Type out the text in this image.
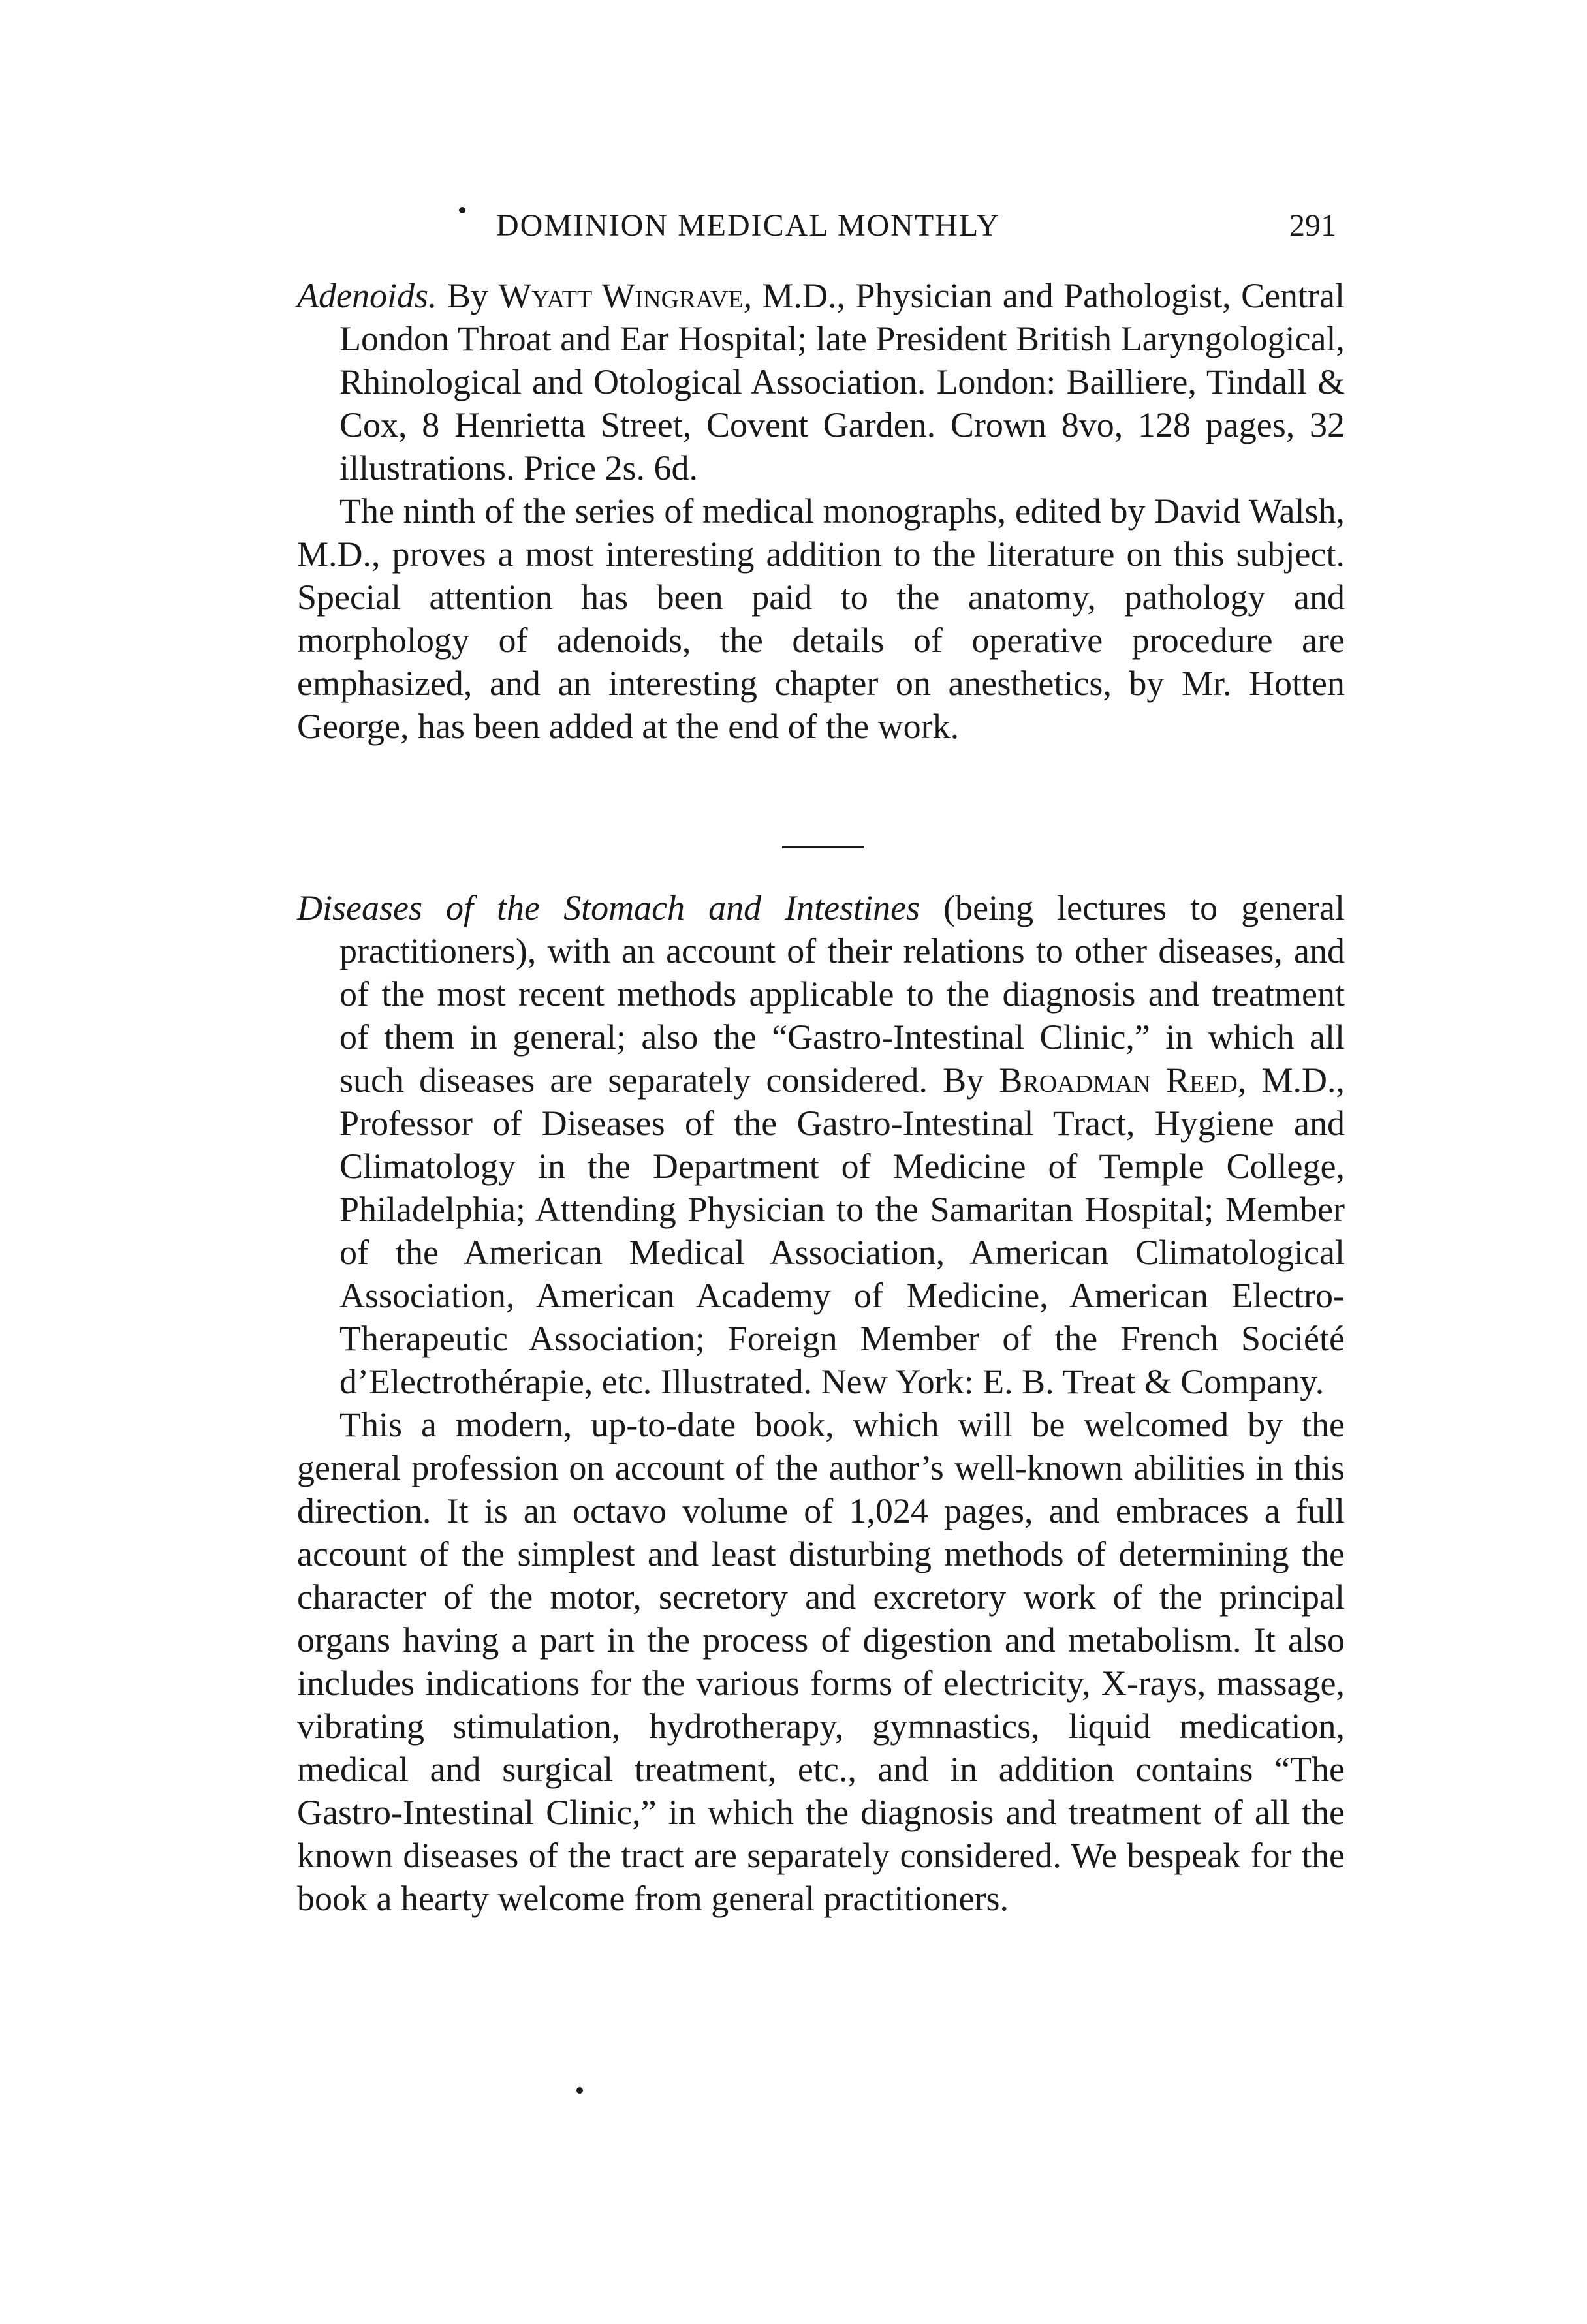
DOMINION MEDICAL MONTHLY	291

Adenoids. By Wyatt Wingrave, M.D., Physician and Pathologist, Central London Throat and Ear Hospital; late President British Laryngological, Rhinological and Otological Association. London: Bailliere, Tindall & Cox, 8 Henrietta Street, Covent Garden. Crown 8vo, 128 pages, 32 illustrations. Price 2s. 6d.

The ninth of the series of medical monographs, edited by David Walsh, M.D., proves a most interesting addition to the literature on this subject. Special attention has been paid to the anatomy, pathology and morphology of adenoids, the details of operative procedure are emphasized, and an interesting chapter on anesthetics, by Mr. Hotten George, has been added at the end of the work.

Diseases of the Stomach and Intestines (being lectures to general practitioners), with an account of their relations to other diseases, and of the most recent methods applicable to the diagnosis and treatment of them in general; also the “Gastro-Intestinal Clinic,” in which all such diseases are separately considered. By Broadman Reed, M.D., Professor of Diseases of the Gastro-Intestinal Tract, Hygiene and Climatology in the Department of Medicine of Temple College, Philadelphia; Attending Physician to the Samaritan Hospital; Member of the American Medical Association, American Climatological Association, American Academy of Medicine, American Electro-Therapeutic Association; Foreign Member of the French Société d’Electrothérapie, etc. Illustrated. New York: E. B. Treat & Company.

This a modern, up-to-date book, which will be welcomed by the general profession on account of the author’s well-known abilities in this direction. It is an octavo volume of 1,024 pages, and embraces a full account of the simplest and least disturbing methods of determining the character of the motor, secretory and excretory work of the principal organs having a part in the process of digestion and metabolism. It also includes indications for the various forms of electricity, X-rays, massage, vibrating stimulation, hydrotherapy, gymnastics, liquid medication, medical and surgical treatment, etc., and in addition contains “The Gastro-Intestinal Clinic,” in which the diagnosis and treatment of all the known diseases of the tract are separately considered. We bespeak for the book a hearty welcome from general practitioners.
